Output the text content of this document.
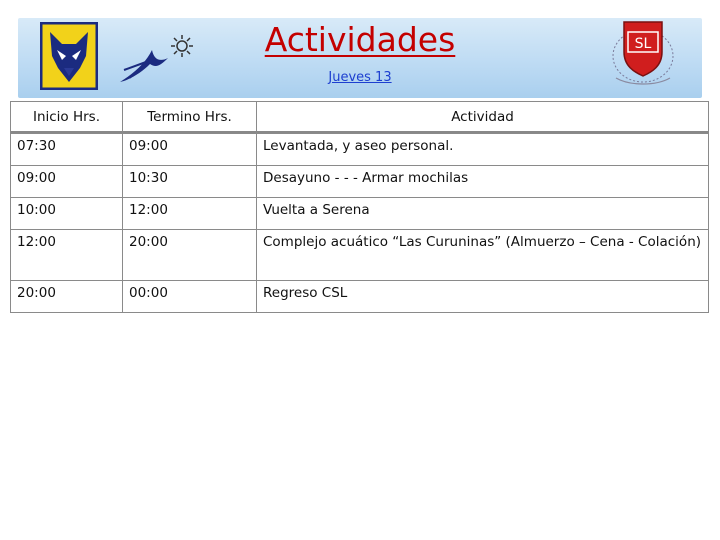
Actividades
Jueves 13
SL
Inicio Hrs.	Termino Hrs.	Actividad
07:30	09:00	Levantada, y aseo personal.
09:00	10:30	Desayuno - - - Armar mochilas
10:00	12:00	Vuelta a Serena
12:00	20:00	Complejo acuático “Las Curuninas” (Almuerzo – Cena - Colación)
20:00	00:00	Regreso CSL
